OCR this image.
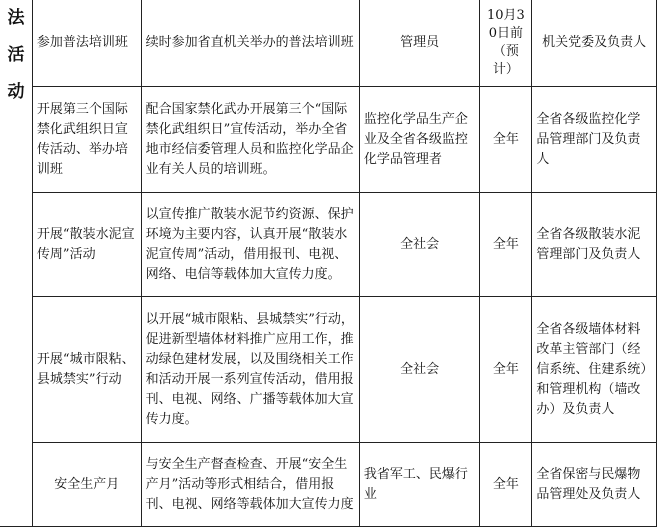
法
活
动	参加普法培训班	续时参加省直机关举办的普法培训班	管理员	10月30日前（预计）	机关党委及负责人

	开展第三个国际禁化武组织日宣传活动、举办培训班	配合国家禁化武办开展第三个“国际禁化武组织日”宣传活动，举办全省地市经信委管理人员和监控化学品企业有关人员的培训班。	监控化学品生产企业及全省各级监控化学品管理者	全年	全省各级监控化学品管理部门及负责人

	开展“散装水泥宣传周”活动	以宣传推广散装水泥节约资源、保护环境为主要内容，认真开展“散装水泥宣传周”活动，借用报刊、电视、网络、电信等载体加大宣传力度。	全社会	全年	全省各级散装水泥管理部门及负责人

	开展“城市限粘、县城禁实”行动	以开展“城市限粘、县城禁实”行动，促进新型墙体材料推广应用工作，推动绿色建材发展，以及围绕相关工作和活动开展一系列宣传活动，借用报刊、电视、网络、广播等载体加大宣传力度。	全社会	全年	全省各级墙体材料改革主管部门（经信系统、住建系统）和管理机构（墙改办）及负责人

	安全生产月	与安全生产督查检查、开展“安全生产月”活动等形式相结合，借用报刊、电视、网络等载体加大宣传力度	我省军工、民爆行业	全年	全省保密与民爆物品管理处及负责人
